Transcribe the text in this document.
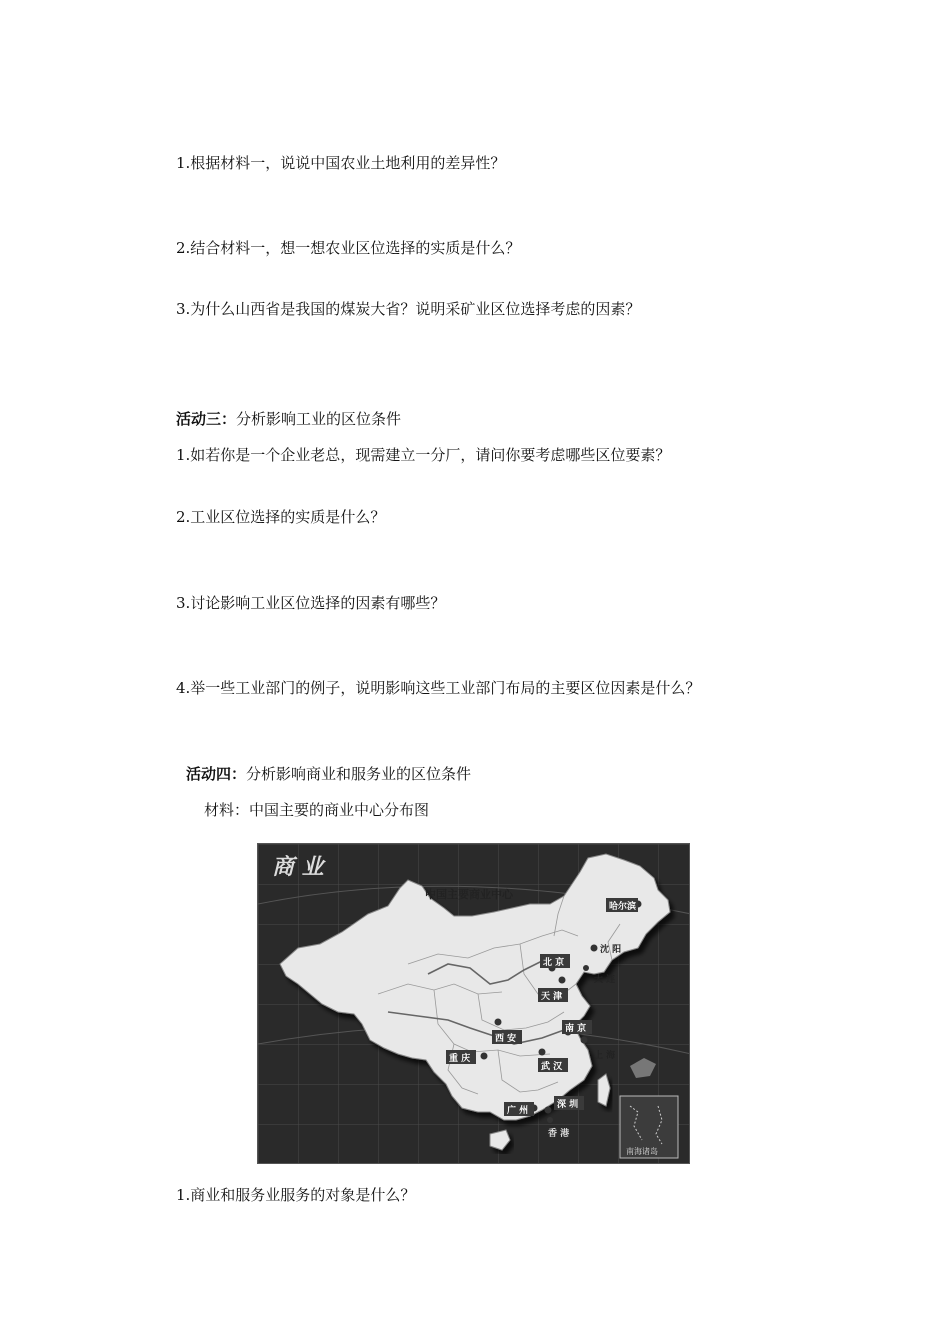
1.根据材料一，说说中国农业土地利用的差异性？
2.结合材料一，想一想农业区位选择的实质是什么？
3.为什么山西省是我国的煤炭大省？说明采矿业区位选择考虑的因素？
活动三：分析影响工业的区位条件
1.如若你是一个企业老总，现需建立一分厂，请问你要考虑哪些区位要素？
2.工业区位选择的实质是什么？
3.讨论影响工业区位选择的因素有哪些？
4.举一些工业部门的例子，说明影响这些工业部门布局的主要区位因素是什么？
活动四：分析影响商业和服务业的区位条件
材料：中国主要的商业中心分布图
商 业
中国主要商业中心
哈尔滨
沈 阳
北 京
大 连
天 津
西 安
南 京
上 海
重 庆
武 汉
广 州
深 圳
香 港
南海诸岛
1.商业和服务业服务的对象是什么？
